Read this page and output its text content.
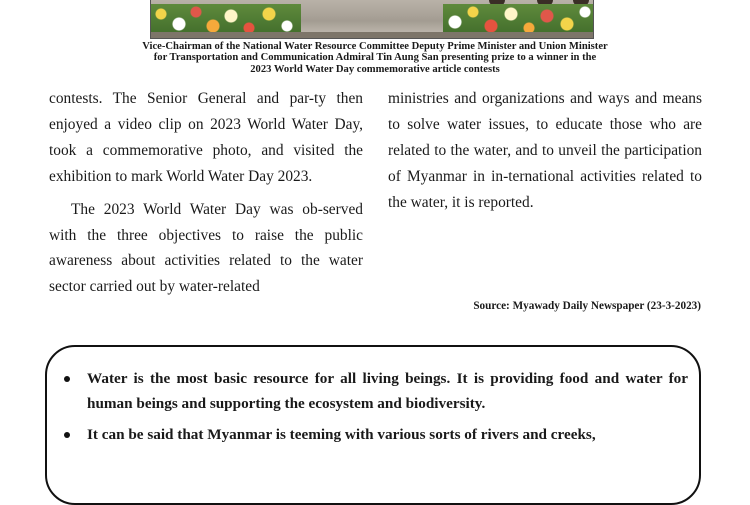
Vice-Chairman of the National Water Resource Committee Deputy Prime Minister and Union Minister
for Transportation and Communication Admiral Tin Aung San presenting prize to a winner in the
2023 World Water Day commemorative article contests

contests. The Senior General and par-ty then enjoyed a video clip on 2023 World Water Day, took a commemorative photo, and visited the exhibition to mark World Water Day 2023.

The 2023 World Water Day was ob-served with the three objectives to raise the public awareness about activities related to the water sector carried out by water-related

ministries and organizations and ways and means to solve water issues, to educate those who are related to the water, and to unveil the participation of Myanmar in in-ternational activities related to the water, it is reported.

Source: Myawady Daily Newspaper (23-3-2023)
Water is the most basic resource for all living beings. It is providing food and water for human beings and supporting the ecosystem and biodiversity.
It can be said that Myanmar is teeming with various sorts of rivers and creeks,
